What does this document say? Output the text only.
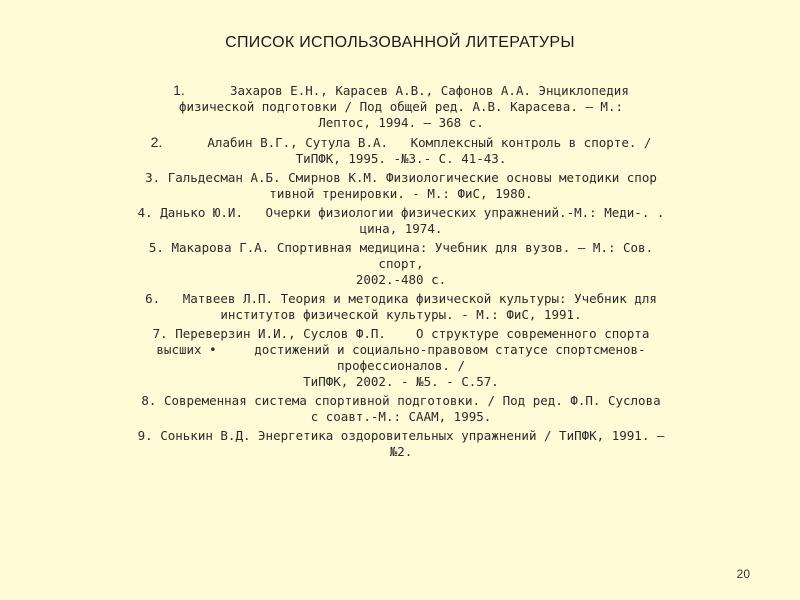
СПИСОК ИСПОЛЬЗОВАННОЙ ЛИТЕРАТУРЫ
1.      Захаров Е.Н., Карасев А.В., Сафонов А.А. Энциклопедия
физической подготовки / Под общей ред. А.В. Карасева. – М.:
Лептос, 1994. – 368 с.
2.      Алабин В.Г., Сутула В.А.   Комплексный контроль в спорте. /
ТиПФК, 1995. -№3.- С. 41-43.
3. Гальдесман А.Б. Смирнов К.М. Физиологические основы методики спор
тивной тренировки. - М.: ФиС, 1980.
4. Данько Ю.И.   Очерки физиологии физических упражнений.-М.: Меди-. .
цина, 1974.
5. Макарова Г.А. Спортивная медицина: Учебник для вузов. – М.: Сов.
спорт,
2002.-480 с.
6.   Матвеев Л.П. Теория и методика физической культуры: Учебник для
институтов физической культуры. - М.: ФиС, 1991.
7. Переверзин И.И., Суслов Ф.П.    О структуре современного спорта
высших •     достижений и социально-правовом статусе спортсменов-
профессионалов. /
ТиПФК, 2002. - №5. - С.57.
8. Современная система спортивной подготовки. / Под ред. Ф.П. Суслова
с соавт.-М.: СААМ, 1995.
9. Сонькин В.Д. Энергетика оздоровительных упражнений / ТиПФК, 1991. –
№2.
20
